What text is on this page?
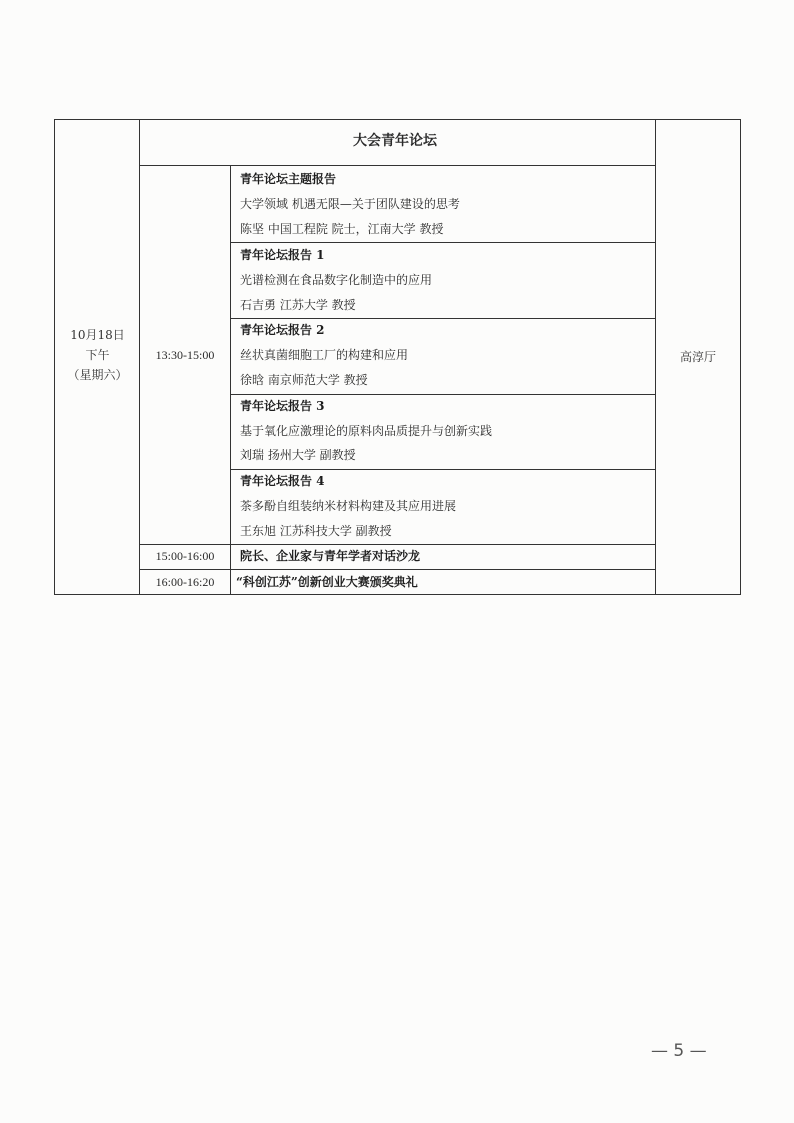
大会青年论坛
10月18日
下午
（星期六）
高淳厅
13:30-15:00
15:00-16:00
16:00-16:20
青年论坛主题报告
大学领域 机遇无限—关于团队建设的思考
陈坚 中国工程院 院士，江南大学 教授
青年论坛报告 1
光谱检测在食品数字化制造中的应用
石吉勇 江苏大学 教授
青年论坛报告 2
丝状真菌细胞工厂的构建和应用
徐晗 南京师范大学 教授
青年论坛报告 3
基于氧化应激理论的原料肉品质提升与创新实践
刘瑞 扬州大学 副教授
青年论坛报告 4
茶多酚自组装纳米材料构建及其应用进展
王东旭 江苏科技大学 副教授
院长、企业家与青年学者对话沙龙
“科创江苏”创新创业大赛颁奖典礼
— 5 —
